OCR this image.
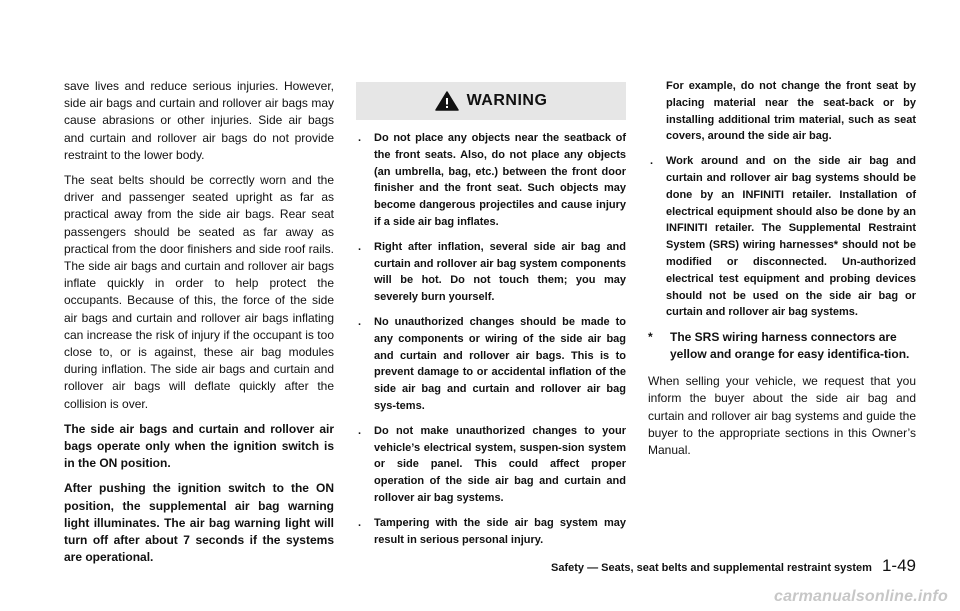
save lives and reduce serious injuries. However, side air bags and curtain and rollover air bags may cause abrasions or other injuries. Side air bags and curtain and rollover air bags do not provide restraint to the lower body.

The seat belts should be correctly worn and the driver and passenger seated upright as far as practical away from the side air bags. Rear seat passengers should be seated as far away as practical from the door finishers and side roof rails. The side air bags and curtain and rollover air bags inflate quickly in order to help protect the occupants. Because of this, the force of the side air bags and curtain and rollover air bags inflating can increase the risk of injury if the occupant is too close to, or is against, these air bag modules during inflation. The side air bags and curtain and rollover air bags will deflate quickly after the collision is over.

The side air bags and curtain and rollover air bags operate only when the ignition switch is in the ON position.

After pushing the ignition switch to the ON position, the supplemental air bag warning light illuminates. The air bag warning light will turn off after about 7 seconds if the systems are operational.

WARNING
. Do not place any objects near the seatback of the front seats. Also, do not place any objects (an umbrella, bag, etc.) between the front door finisher and the front seat. Such objects may become dangerous projectiles and cause injury if a side air bag inflates.
. Right after inflation, several side air bag and curtain and rollover air bag system components will be hot. Do not touch them; you may severely burn yourself.
. No unauthorized changes should be made to any components or wiring of the side air bag and curtain and rollover air bags. This is to prevent damage to or accidental inflation of the side air bag and curtain and rollover air bag sys-tems.
. Do not make unauthorized changes to your vehicle’s electrical system, suspen-sion system or side panel. This could affect proper operation of the side air bag and curtain and rollover air bag systems.
. Tampering with the side air bag system may result in serious personal injury.
For example, do not change the front seat by placing material near the seat-back or by installing additional trim material, such as seat covers, around the side air bag.
. Work around and on the side air bag and curtain and rollover air bag systems should be done by an INFINITI retailer. Installation of electrical equipment should also be done by an INFINITI retailer. The Supplemental Restraint System (SRS) wiring harnesses* should not be modified or disconnected. Un-authorized electrical test equipment and probing devices should not be used on the side air bag or curtain and rollover air bag systems.
* The SRS wiring harness connectors are yellow and orange for easy identifica-tion.

When selling your vehicle, we request that you inform the buyer about the side air bag and curtain and rollover air bag systems and guide the buyer to the appropriate sections in this Owner’s Manual.

Safety — Seats, seat belts and supplemental restraint system 1-49
carmanualsonline.info
